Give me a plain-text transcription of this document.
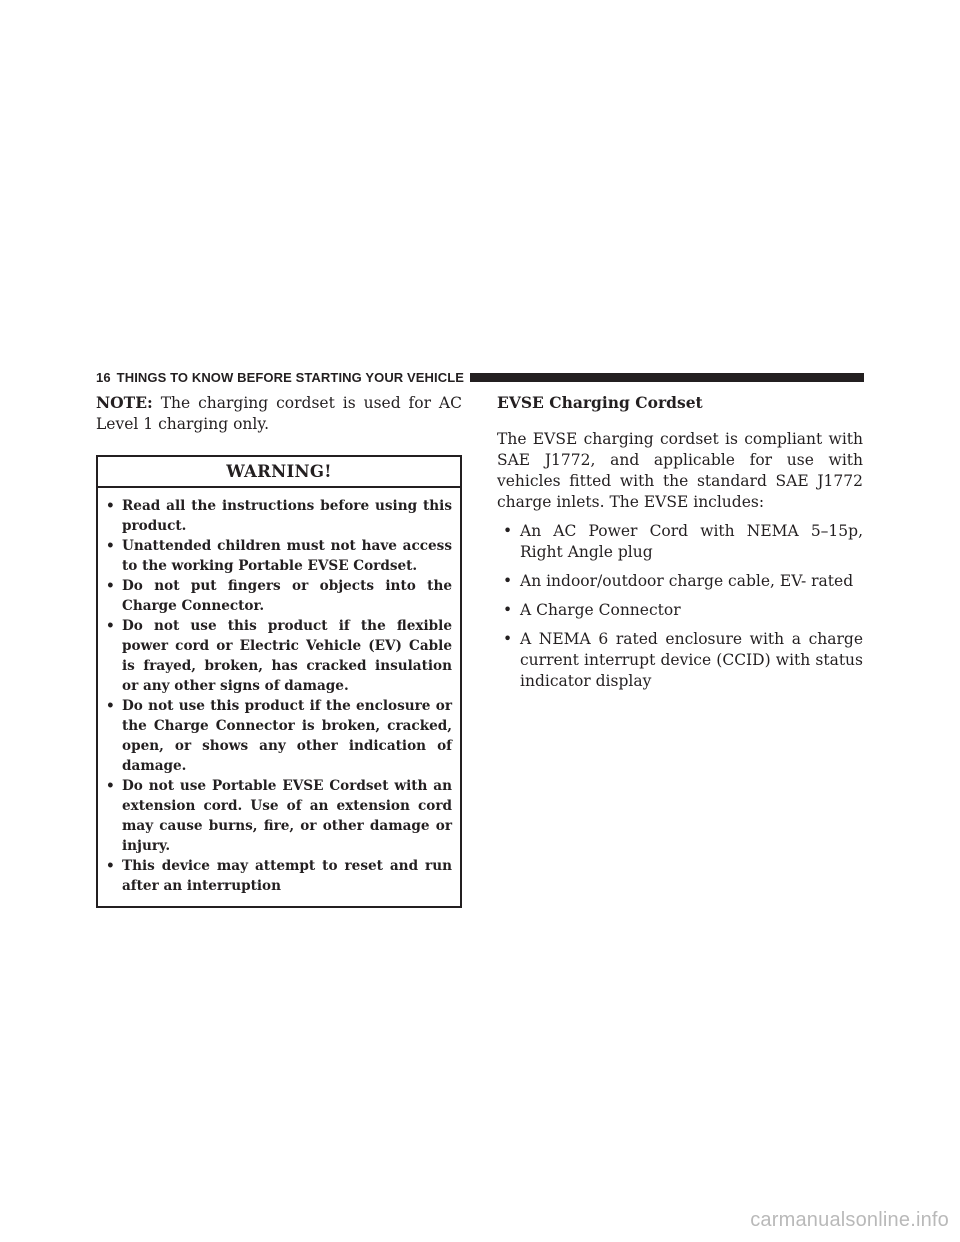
16 THINGS TO KNOW BEFORE STARTING YOUR VEHICLE

NOTE: The charging cordset is used for AC Level 1 charging only.

WARNING!
• Read all the instructions before using this product.
• Unattended children must not have access to the working Portable EVSE Cordset.
• Do not put fingers or objects into the Charge Connector.
• Do not use this product if the flexible power cord or Electric Vehicle (EV) Cable is frayed, broken, has cracked insulation or any other signs of damage.
• Do not use this product if the enclosure or the Charge Connector is broken, cracked, open, or shows any other indication of damage.
• Do not use Portable EVSE Cordset with an extension cord. Use of an extension cord may cause burns, fire, or other damage or injury.
• This device may attempt to reset and run after an interruption

EVSE Charging Cordset

The EVSE charging cordset is compliant with SAE J1772, and applicable for use with vehicles fitted with the standard SAE J1772 charge inlets. The EVSE includes:

• An AC Power Cord with NEMA 5–15p, Right Angle plug
• An indoor/outdoor charge cable, EV- rated
• A Charge Connector
• A NEMA 6 rated enclosure with a charge current interrupt device (CCID) with status indicator display
carmanualsonline.info
